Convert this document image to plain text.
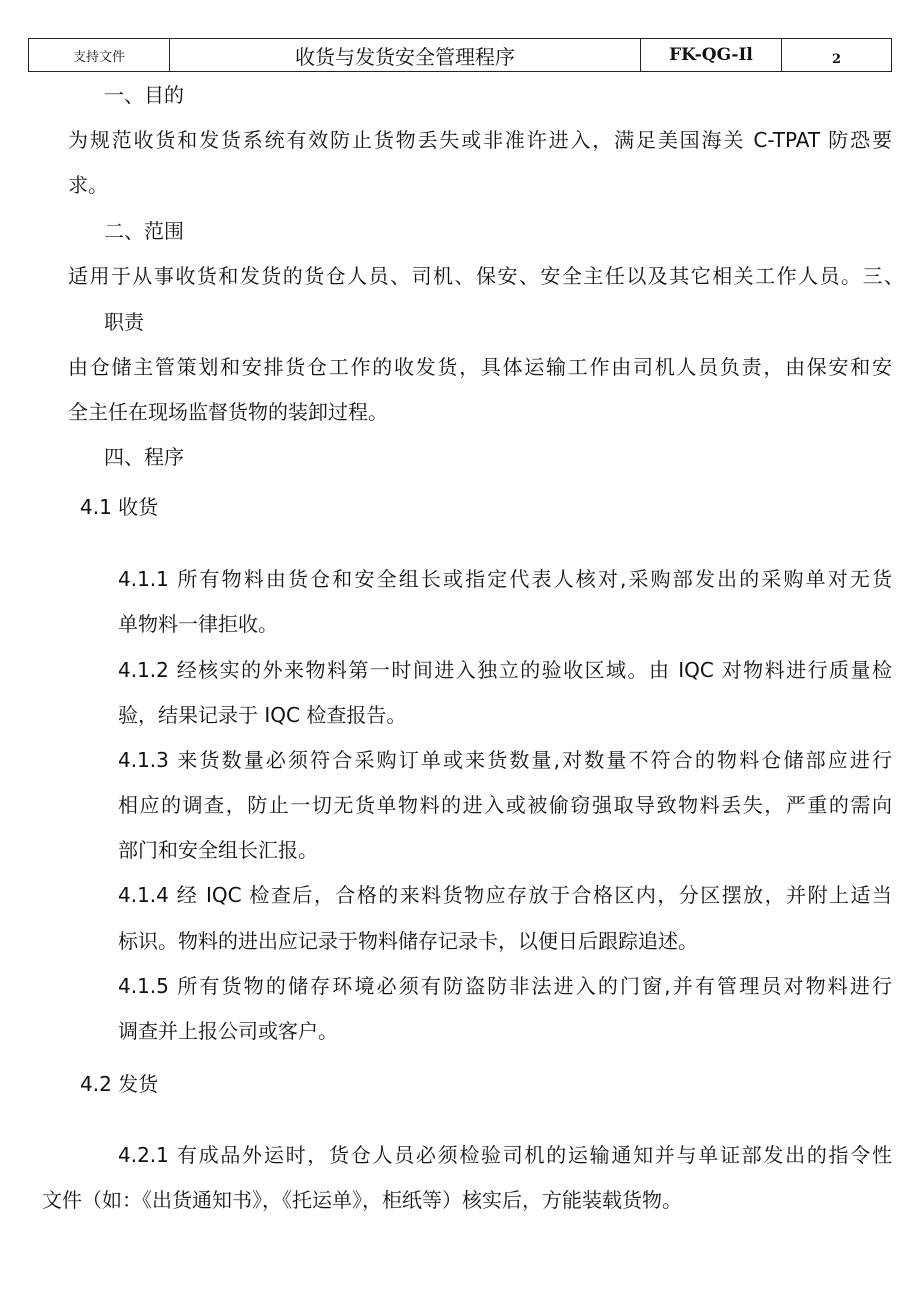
支持文件	收货与发货安全管理程序	FK-QG-Il	2

一、目的

为规范收货和发货系统有效防止货物丢失或非准许进入，满足美国海关 C-TPAT 防恐要

求。

二、范围

适用于从事收货和发货的货仓人员、司机、保安、安全主任以及其它相关工作人员。三、

职责

由仓储主管策划和安排货仓工作的收发货，具体运输工作由司机人员负责，由保安和安

全主任在现场监督货物的装卸过程。

四、程序

4.1 收货

4.1.1 所有物料由货仓和安全组长或指定代表人核对,采购部发出的采购单对无货

单物料一律拒收。

4.1.2 经核实的外来物料第一时间进入独立的验收区域。由 IQC 对物料进行质量检

验，结果记录于 IQC 检查报告。

4.1.3 来货数量必须符合采购订单或来货数量,对数量不符合的物料仓储部应进行

相应的调查，防止一切无货单物料的进入或被偷窃强取导致物料丢失，严重的需向

部门和安全组长汇报。

4.1.4 经 IQC 检查后，合格的来料货物应存放于合格区内，分区摆放，并附上适当

标识。物料的进出应记录于物料储存记录卡，以便日后跟踪追述。

4.1.5 所有货物的储存环境必须有防盗防非法进入的门窗,并有管理员对物料进行

调查并上报公司或客户。

4.2 发货

4.2.1 有成品外运时，货仓人员必须检验司机的运输通知并与单证部发出的指令性

文件（如：《出货通知书》，《托运单》，柜纸等）核实后，方能装载货物。
